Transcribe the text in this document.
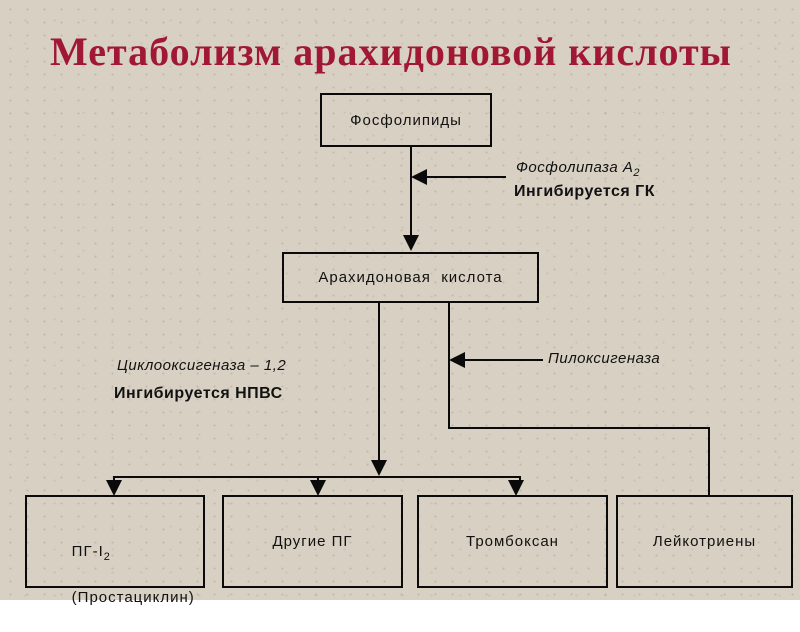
Метаболизм арахидоновой кислоты
Фосфолипиды
Фосфолипаза $А_2$
Ингибируется ГК
Арахидоновая  кислота
Циклооксигеназа – 1,2
Ингибируется НПВС
Пилоксигеназа

$ПГ-I_2$

(Простациклин)

Другие ПГ	Тромбоксан	Лейкотриены
